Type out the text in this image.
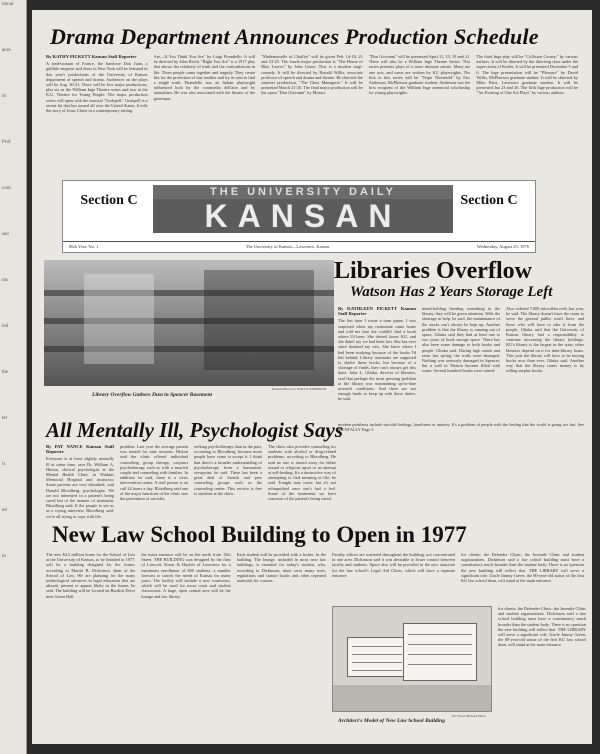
tional
aces
in
Prof
com
sed
nts
led
the
ter
is
ed
to
Drama Department Announces Production Schedule
By KATHY PICKETT Kansan Staff Reporter
A tradewoman of France, the hardcore Don Juan, a gullible emperor and Jesus in New York will be featured in this year's productions of the University of Kansas department of speech and drama. Audiences on the plays will be Aug. 30-31. There will be five major productions, plus six in the William Inge Theatre series and two in the K.U. Theatre for Young People. The major production series will open with the musical "Godspell." Godspell is a recent hit that has toured all over the United States. It tells the story of Jesus Christ in a contemporary setting.
Are—If You Think You Are" by Luigi Pirandello. It will be directed by John Reich. "Right You Are" is a 1917 play that shows the relativity of truth and the contradictions in life. Three people come together and tragedy. They create lies for the protection of one another and try in vain to find a single truth. Pirandello was an Italian playwright influenced both by the commedia dell'arte and by naturalism. He was also associated with the theatre of the grotesque.
"Mademoiselle of Chaillot" will be given Feb. 14-18, 21 and 23-25. The fourth major production is "The House of Blue Leaves" by John Guare. This is a modern tragi-comedy. It will be directed by Ronald Willis, associate professor of speech and drama and theatre. He directed the summer production, "The Glass Menagerie." It will be presented March 21-25. The final major production will be the opera "Don Giovanni" by Mozart.
"Don Giovanni" will be presented April 11, 13, 19 and 21. There will also be a William Inge Theatre Series. This series presents plays of a more intimate nature. Many are one acts, and some are written by KU playwrights. The first in this series will be "Tequi Threshold" by Eric Anderson, McPherson graduate student. Anderson was the first recipient of the William Inge memorial scholarship for young playwrights.
The third Inge play will be "Collision Course," by various authors. It will be directed by the directing class under the supervision of Keeler. It will be presented December 5 and 6. The Inge presentation will be "Pleasure" by David Willis, McPherson graduate student. It will be directed by Mike Rust, Lawrence graduate student. It will be presented Jan 23 and 26. The fifth Inge production will be "An Evening of One Act Plays" by various authors.
Section C
THE UNIVERSITY DAILY
KANSAN	Section C
86th Year, No. 1	The University of Kansas—Lawrence, Kansas	Wednesday, August 25, 1976
Kansan Photo by WALLY EMERSON
Library Overflow Gathers Dust in Spencer Basement
Libraries Overflow
Watson Has 2 Years Storage Left
By KATHLEEN PICKETT Kansan Staff Reporter
The last time I wrote a term paper, I was surprised when my roommate came home and told me that she couldn't find a book where I'd been. She doesn't know KU, and she didn't say we had been lost. She has ever since doubted my wits. She knew where I had been studying because of the books I'd left behind. Library assistants are supposed to shelve these books, but because of a shortage of funds, they can't always get this done. John L. Glinka, director of libraries, said that perhaps the most pressing problem at the library was maintaining up-to-date research conditions. And there are not enough funds to keep up with these duties, he said.
mend-holding bending something in the library, they will be given attention. With the shortage in help, he said, the maintenance of the stacks can't always be kept up. Another problem is that the library is running out of space. Glinka said they had at least one to two years of book storage space. There has also been some damage to both books and people. Glinka said. During high winds and rains last spring, the walls were damaged. Nothing was seriously damaged in Spencer, but a wall in Watson became filled with water. Several hundred books were ruined.
Also ordered 7,000 microfilm reels last year, he said. The library doesn't have the room to serve the general public won't have, and those who will have to take it from the people. Glinka said that the University of Kansas library had a responsibility to continue increasing the library holdings. KU's library is the largest in the state, other libraries depend on it for inter-library loans. This year the library will have to be buying books now than ever, Glinka said. Another way that the library raises money is by selling surplus books.
All Mentally Ill, Psychologist Says
By PAT NANCE Kansan Staff Reporter
Everyone is at least slightly mentally ill at some time, says Dr. William A. Hinton, clinical psychologist at the Mental Health Clinic in Watkins Memorial Hospital and instructor. Some patients are very disturbed, said Donald Bloodberg, psychologist. We are not interested in a patient's being cured but of the manner of treatment. Bloodberg said. If the people to see us as a crying interview, Bloodberg said, we're all trying to cope with life.
problem. Last year the average patient was treated for nine sessions. Hinton said the clinic offered individual counseling, group therapy, conjunct psychotherapy such as with a married couple and counseling with families. In addition, he said, there is a crisis intervention center. A staff person is on call 24 hours a day. Bloodberg said one of the major functions of the clinic was the prevention of suicides.
seeking psychotherapy than in the past, according to Bloodberg, because more people have come to accept it. I think that there's a broader understanding of psychotherapy from a humanistic viewpoint, he said. There has been a great deal of friends and peer counseling groups such as the counseling center. This service is free to students at the clinic.
The clinic also provides counseling for students with alcohol or drug-related problems, according to Bloodberg. He said no one is turned away for either sexual or religious upset or an attempt at self-healing. It's a destructive way of attempting to find meaning to life, he said. Tonight may come, but it's not relinquished once one's had a feel. Some of the treatments we have concerns of the patient's being cured.
modern problems include suicidal feelings, loneliness or anxiety. It's a problem of people with the feeling that the world is going too fast. See MENTALLY Page 3
New Law School Building to Open in 1977
The new $4.5 million home for the School of Law at the University of Kansas, to be finished in 1977, will be a building designed for the future, according to Martin B. Dickinson, dean of the School of Law. We are planning for the many technological advances in legal education that are already present or appear likely in the future, he said. The building will be located on Burdick Drive near Green Hall.
the main entrance will be on the north from 15th Street. THE BUILDING was designed by the firm of Linscott, Kiene & Haylett of Lawrence for a maximum enrollment of 600 students, a number forecast to satisfy the needs of Kansas for many years. The facility will include a new courtroom, which will be used for moot court and student classrooms. A large, open central area will be the lounge and law library.
Each student will be provided with a locker. In the building. The lounge, included in most new law buildings, is essential for today's student, who, according to Dickinson, must carry many texts, regulations and statute books and other repeated materials for courses.
Faculty offices are scattered throughout the building, not concentrated in one area. Dickinson said it was desirable to foster contact between faculty and students. Space also will be provided in the new structure for the law school's Legal Aid Clinic, which will have a separate entrance.
for clients; the Defender Clinic; the Juvenile Clinic and student organizations. Dickinson said a law school building must have a constituency much broader than the student body. There is no question the new building will reflect that. THE LIBRARY will serve a significant role. Uncle Jimmy Green, the 80-year-old statue of the first KU law school dean, will stand at the main entrance.
KU News Bureau Photo
Architect's Model of New Law School Building
for clients; the Defender Clinic; the Juvenile Clinic and student organizations. Dickinson said a law school building must have a constituency much broader than the student body. There is no question the new building will reflect that. THE LIBRARY will serve a significant role. Uncle Jimmy Green, the 80-year-old statue of the first KU law school dean, will stand at the main entrance.
